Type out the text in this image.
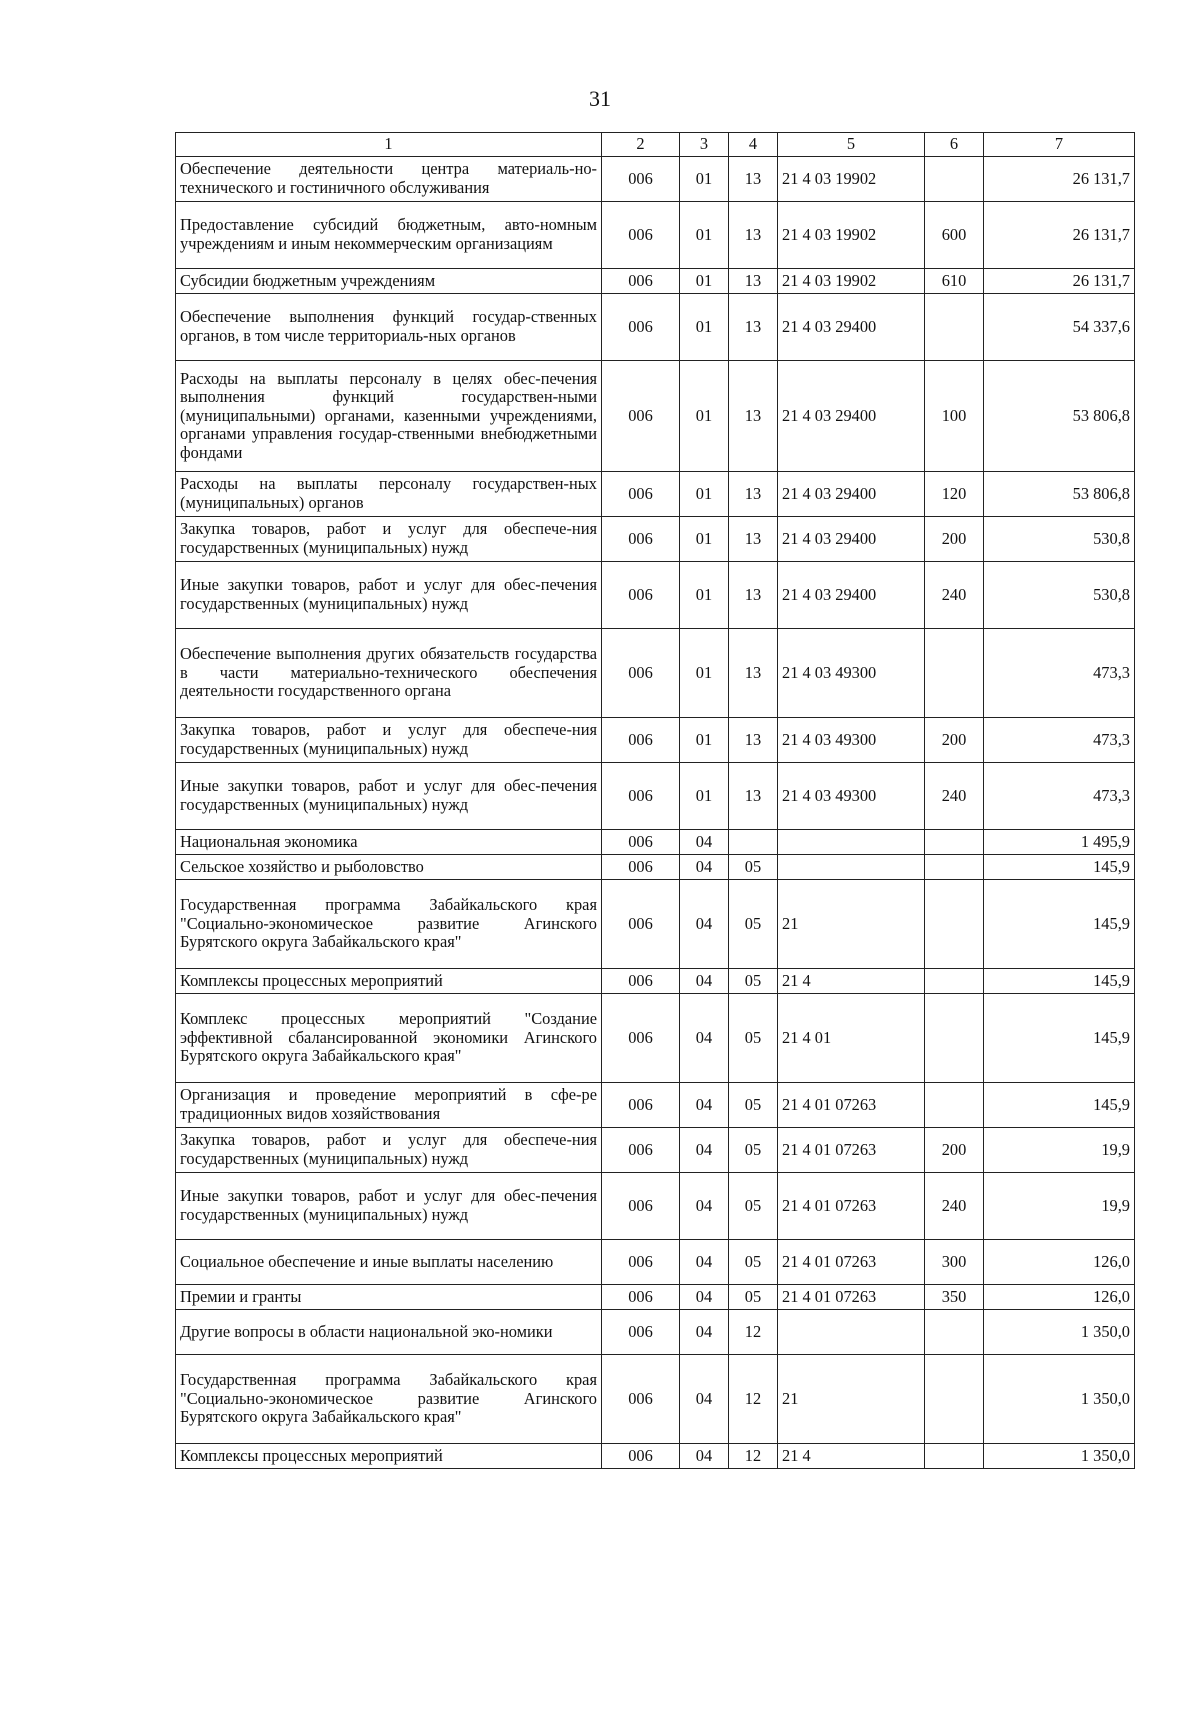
31
1	2	3	4	5	6	7
Обеспечение деятельности центра материаль-но-технического и гостиничного обслуживания	006	01	13	21 4 03 19902		26 131,7
Предоставление субсидий бюджетным, авто-номным учреждениям и иным некоммерческим организациям	006	01	13	21 4 03 19902	600	26 131,7
Субсидии бюджетным учреждениям	006	01	13	21 4 03 19902	610	26 131,7
Обеспечение выполнения функций государ-ственных органов, в том числе территориаль-ных органов	006	01	13	21 4 03 29400		54 337,6
Расходы на выплаты персоналу в целях обес-печения выполнения функций государствен-ными (муниципальными) органами, казенными учреждениями, органами управления государ-ственными внебюджетными фондами	006	01	13	21 4 03 29400	100	53 806,8
Расходы на выплаты персоналу государствен-ных (муниципальных) органов	006	01	13	21 4 03 29400	120	53 806,8
Закупка товаров, работ и услуг для обеспече-ния государственных (муниципальных) нужд	006	01	13	21 4 03 29400	200	530,8
Иные закупки товаров, работ и услуг для обес-печения государственных (муниципальных) нужд	006	01	13	21 4 03 29400	240	530,8
Обеспечение выполнения других обязательств государства в части материально-технического обеспечения деятельности государственного органа	006	01	13	21 4 03 49300		473,3
Закупка товаров, работ и услуг для обеспече-ния государственных (муниципальных) нужд	006	01	13	21 4 03 49300	200	473,3
Иные закупки товаров, работ и услуг для обес-печения государственных (муниципальных) нужд	006	01	13	21 4 03 49300	240	473,3
Национальная экономика	006	04				1 495,9
Сельское хозяйство и рыболовство	006	04	05			145,9
Государственная программа Забайкальского края "Социально-экономическое развитие Агинского Бурятского округа Забайкальского края"	006	04	05	21		145,9
Комплексы процессных мероприятий	006	04	05	21 4		145,9
Комплекс процессных мероприятий "Создание эффективной сбалансированной экономики Агинского Бурятского округа Забайкальского края"	006	04	05	21 4 01		145,9
Организация и проведение мероприятий в сфе-ре традиционных видов хозяйствования	006	04	05	21 4 01 07263		145,9
Закупка товаров, работ и услуг для обеспече-ния государственных (муниципальных) нужд	006	04	05	21 4 01 07263	200	19,9
Иные закупки товаров, работ и услуг для обес-печения государственных (муниципальных) нужд	006	04	05	21 4 01 07263	240	19,9
Социальное обеспечение и иные выплаты населению	006	04	05	21 4 01 07263	300	126,0
Премии и гранты	006	04	05	21 4 01 07263	350	126,0
Другие вопросы в области национальной эко-номики	006	04	12			1 350,0
Государственная программа Забайкальского края "Социально-экономическое развитие Агинского Бурятского округа Забайкальского края"	006	04	12	21		1 350,0
Комплексы процессных мероприятий	006	04	12	21 4		1 350,0
